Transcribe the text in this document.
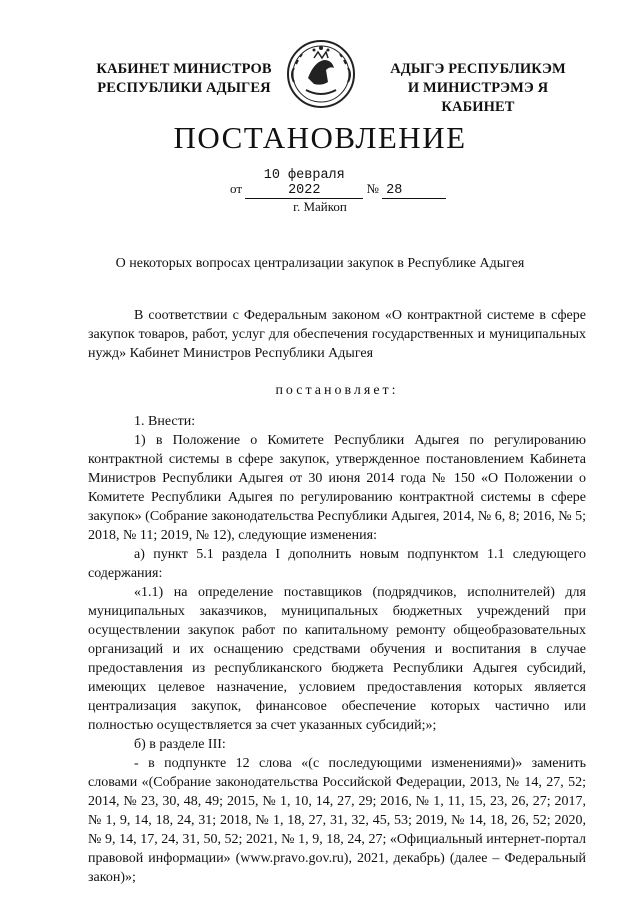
КАБИНЕТ МИНИСТРОВ
РЕСПУБЛИКИ АДЫГЕЯ
АДЫГЭ РЕСПУБЛИКЭМ
И МИНИСТРЭМЭ Я КАБИНЕТ
ПОСТАНОВЛЕНИЕ
от 10 февраля 2022	№ 28
г. Майкоп
О некоторых вопросах централизации закупок в Республике Адыгея

В соответствии с Федеральным законом «О контрактной системе в сфере закупок товаров, работ, услуг для обеспечения государственных и муниципальных нужд» Кабинет Министров Республики Адыгея

постановляет:

1. Внести:

1) в Положение о Комитете Республики Адыгея по регулированию контрактной системы в сфере закупок, утвержденное постановлением Кабинета Министров Республики Адыгея от 30 июня 2014 года № 150 «О Положении о Комитете Республики Адыгея по регулированию контрактной системы в сфере закупок» (Собрание законодательства Республики Адыгея, 2014, № 6, 8; 2016, № 5; 2018, № 11; 2019, № 12), следующие изменения:

а) пункт 5.1 раздела I дополнить новым подпунктом 1.1 следующего содержания:

«1.1) на определение поставщиков (подрядчиков, исполнителей) для муниципальных заказчиков, муниципальных бюджетных учреждений при осуществлении закупок работ по капитальному ремонту общеобразовательных организаций и их оснащению средствами обучения и воспитания в случае предоставления из республиканского бюджета Республики Адыгея субсидий, имеющих целевое назначение, условием предоставления которых является централизация закупок, финансовое обеспечение которых частично или полностью осуществляется за счет указанных субсидий;»;

б) в разделе III:

- в подпункте 12 слова «(с последующими изменениями)» заменить словами «(Собрание законодательства Российской Федерации, 2013, № 14, 27, 52; 2014, № 23, 30, 48, 49; 2015, № 1, 10, 14, 27, 29; 2016, № 1, 11, 15, 23, 26, 27; 2017, № 1, 9, 14, 18, 24, 31; 2018, № 1, 18, 27, 31, 32, 45, 53; 2019, № 14, 18, 26, 52; 2020, № 9, 14, 17, 24, 31, 50, 52; 2021, № 1, 9, 18, 24, 27; «Официальный интернет-портал правовой информации» (www.pravo.gov.ru), 2021, декабрь) (далее – Федеральный закон)»;
